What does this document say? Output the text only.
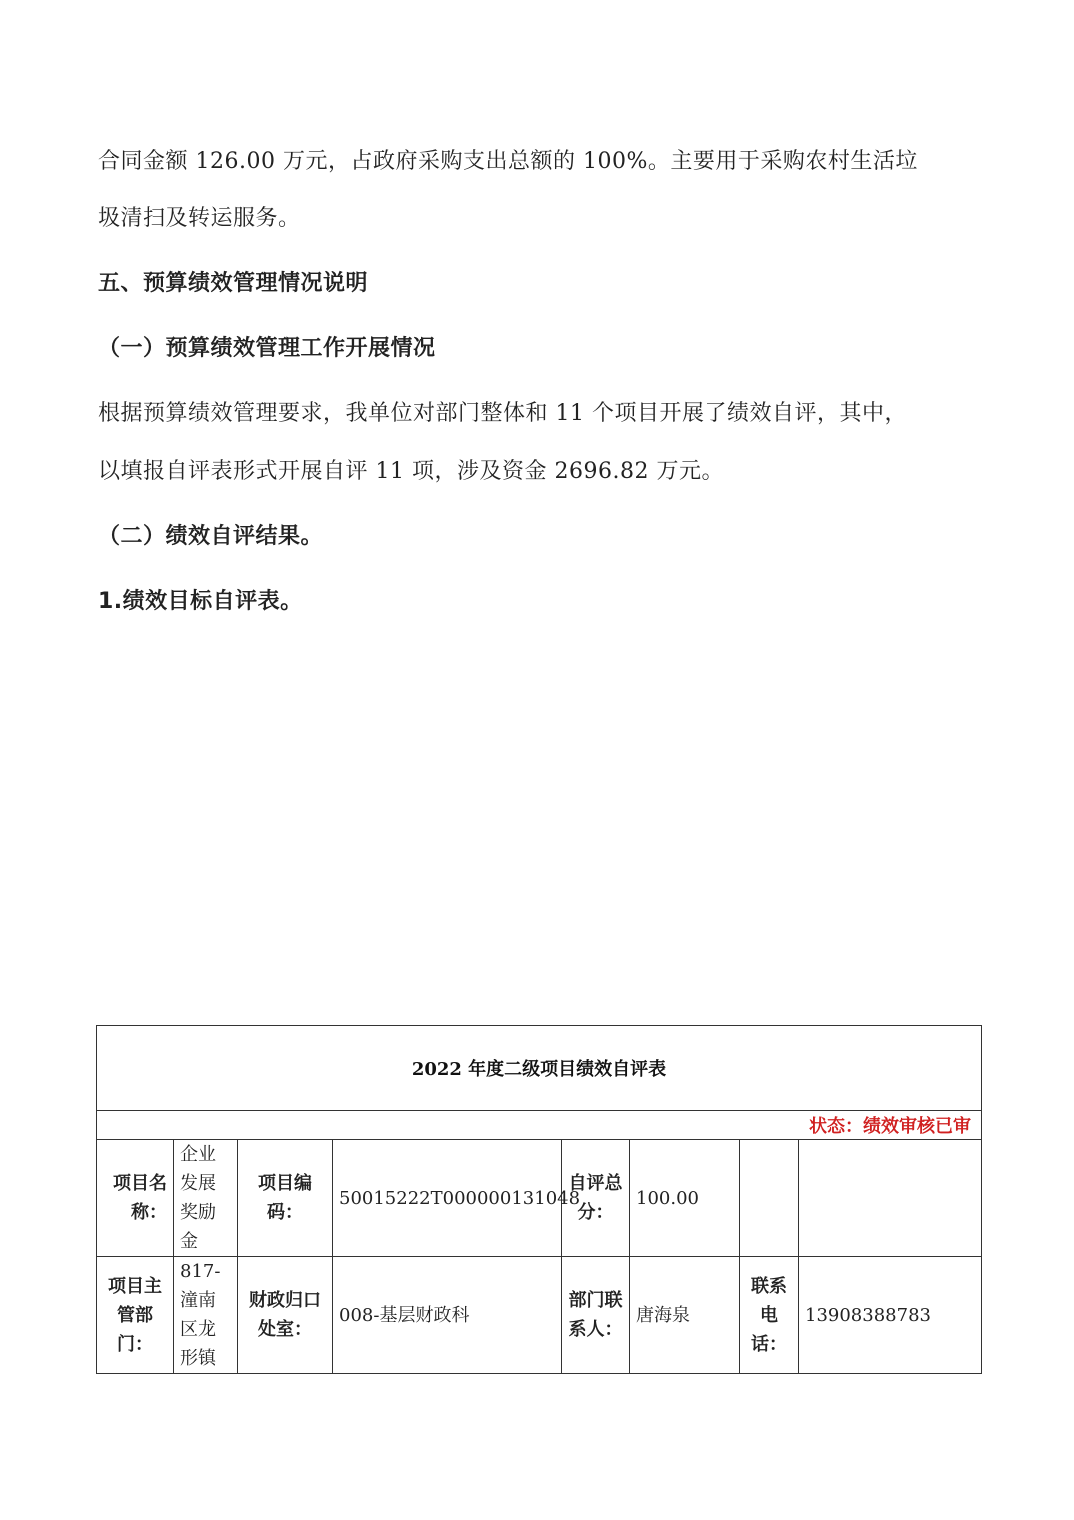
合同金额 126.00 万元，占政府采购支出总额的 100%。主要用于采购农村生活垃
圾清扫及转运服务。
五、预算绩效管理情况说明
（一）预算绩效管理工作开展情况
根据预算绩效管理要求，我单位对部门整体和 11 个项目开展了绩效自评，其中，
以填报自评表形式开展自评 11 项，涉及资金 2696.82 万元。
（二）绩效自评结果。
1.绩效目标自评表。
2022 年度二级项目绩效自评表							
状态：绩效审核已审							
项目名称：	企业发展奖励金	项目编码：	50015222T000000131048	自评总分：	100.00		
项目主管部门：	817-潼南区龙形镇	财政归口处室：	008-基层财政科	部门联系人：	唐海泉	联系电话：	13908388783
